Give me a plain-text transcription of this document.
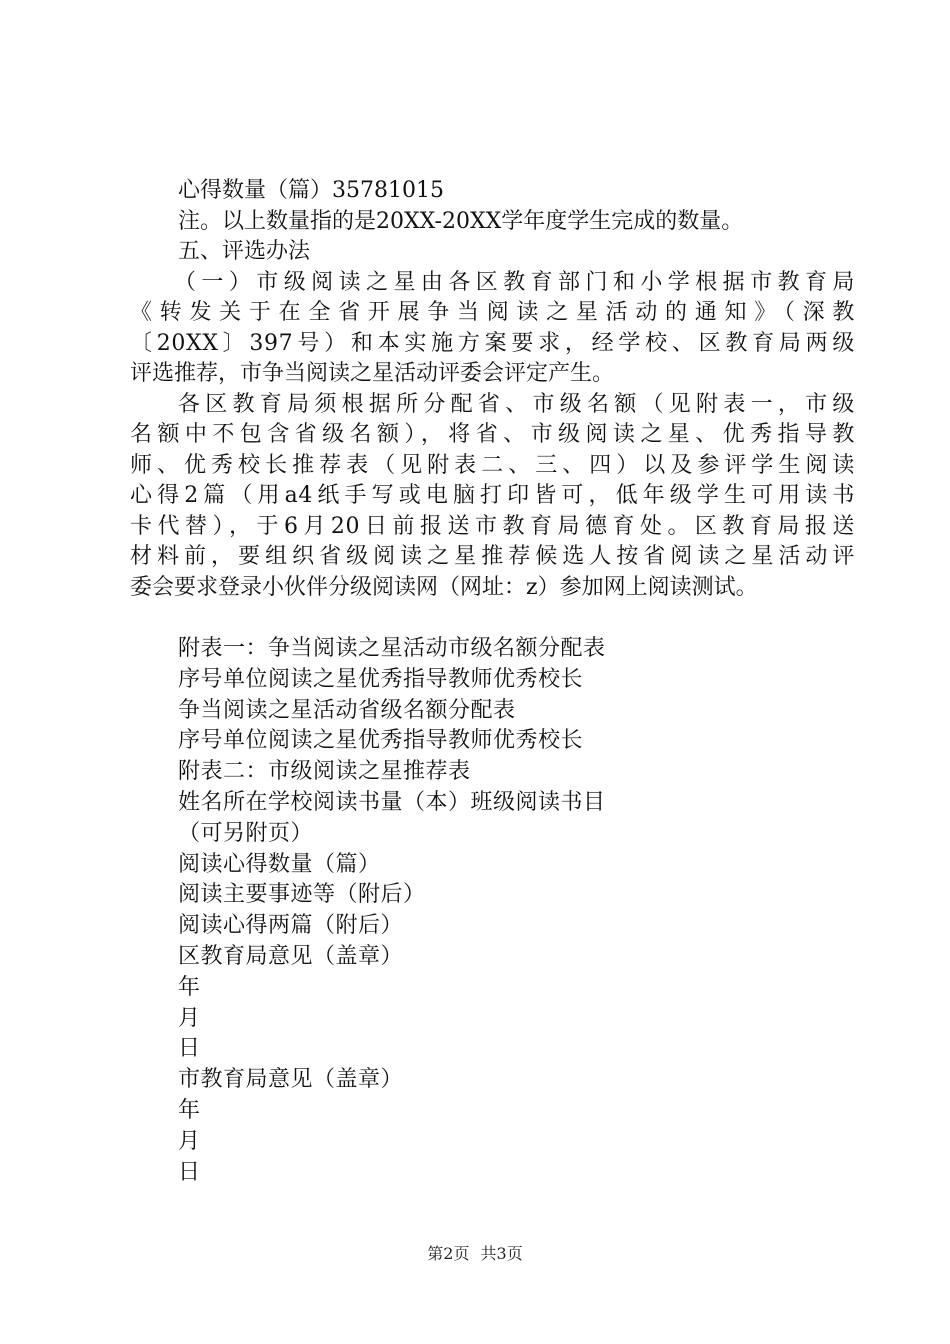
心得数量（篇）35781015
注。以上数量指的是20XX-20XX学年度学生完成的数量。
五、评选办法
（一）市级阅读之星由各区教育部门和小学根据市教育局
《转发关于在全省开展争当阅读之星活动的通知》（深教
〔20XX〕397号）和本实施方案要求，经学校、区教育局两级
评选推荐，市争当阅读之星活动评委会评定产生。
各区教育局须根据所分配省、市级名额（见附表一，市级
名额中不包含省级名额），将省、市级阅读之星、优秀指导教
师、优秀校长推荐表（见附表二、三、四）以及参评学生阅读
心得2篇（用a4纸手写或电脑打印皆可，低年级学生可用读书
卡代替），于6月20日前报送市教育局德育处。区教育局报送
材料前，要组织省级阅读之星推荐候选人按省阅读之星活动评
委会要求登录小伙伴分级阅读网（网址：z）参加网上阅读测试。
附表一：争当阅读之星活动市级名额分配表
序号单位阅读之星优秀指导教师优秀校长
争当阅读之星活动省级名额分配表
序号单位阅读之星优秀指导教师优秀校长
附表二：市级阅读之星推荐表
姓名所在学校阅读书量（本）班级阅读书目
（可另附页）
阅读心得数量（篇）
阅读主要事迹等（附后）
阅读心得两篇（附后）
区教育局意见（盖章）
年
月
日
市教育局意见（盖章）
年
月
日
第2页 共3页
